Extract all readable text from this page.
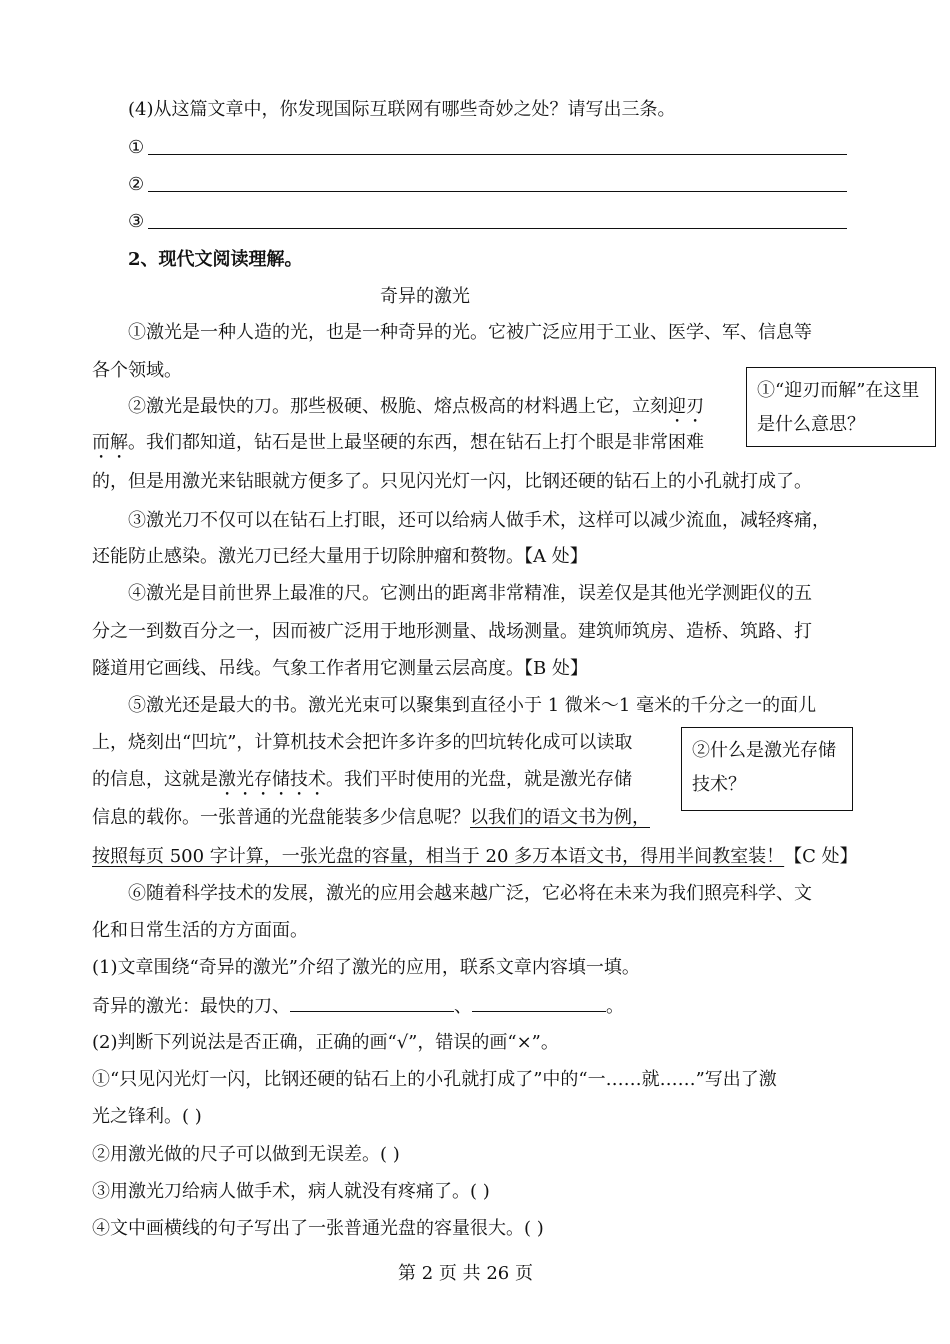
(4)从这篇文章中，你发现国际互联网有哪些奇妙之处？请写出三条。
①
②
③
2、现代文阅读理解。
奇异的激光
①激光是一种人造的光，也是一种奇异的光。它被广泛应用于工业、医学、军、信息等
各个领域。
②激光是最快的刀。那些极硬、极脆、熔点极高的材料遇上它，立刻迎刃
而解。我们都知道，钻石是世上最坚硬的东西，想在钻石上打个眼是非常困难
的，但是用激光来钻眼就方便多了。只见闪光灯一闪，比钢还硬的钻石上的小孔就打成了。
①“迎刃而解”在这里是什么意思？
③激光刀不仅可以在钻石上打眼，还可以给病人做手术，这样可以减少流血，减轻疼痛，
还能防止感染。激光刀已经大量用于切除肿瘤和赘物。【A 处】
④激光是目前世界上最准的尺。它测出的距离非常精准，误差仅是其他光学测距仪的五
分之一到数百分之一，因而被广泛用于地形测量、战场测量。建筑师筑房、造桥、筑路、打
隧道用它画线、吊线。气象工作者用它测量云层高度。【B 处】
⑤激光还是最大的书。激光光束可以聚集到直径小于 1 微米～1 毫米的千分之一的面儿
上，烧刻出“凹坑”，计算机技术会把许多许多的凹坑转化成可以读取
的信息，这就是激光存储技术。我们平时使用的光盘，就是激光存储
信息的载你。一张普通的光盘能装多少信息呢？以我们的语文书为例，
按照每页 500 字计算，一张光盘的容量，相当于 20 多万本语文书，得用半间教室装！【C 处】
②什么是激光存储技术？
⑥随着科学技术的发展，激光的应用会越来越广泛，它必将在未来为我们照亮科学、文
化和日常生活的方方面面。
(1)文章围绕“奇异的激光”介绍了激光的应用，联系文章内容填一填。
奇异的激光：最快的刀、	、	。
(2)判断下列说法是否正确，正确的画“√”，错误的画“×”。
①“只见闪光灯一闪，比钢还硬的钻石上的小孔就打成了”中的“一……就……”写出了激
光之锋利。( )
②用激光做的尺子可以做到无误差。( )
③用激光刀给病人做手术，病人就没有疼痛了。( )
④文中画横线的句子写出了一张普通光盘的容量很大。( )
第 2 页 共 26 页
